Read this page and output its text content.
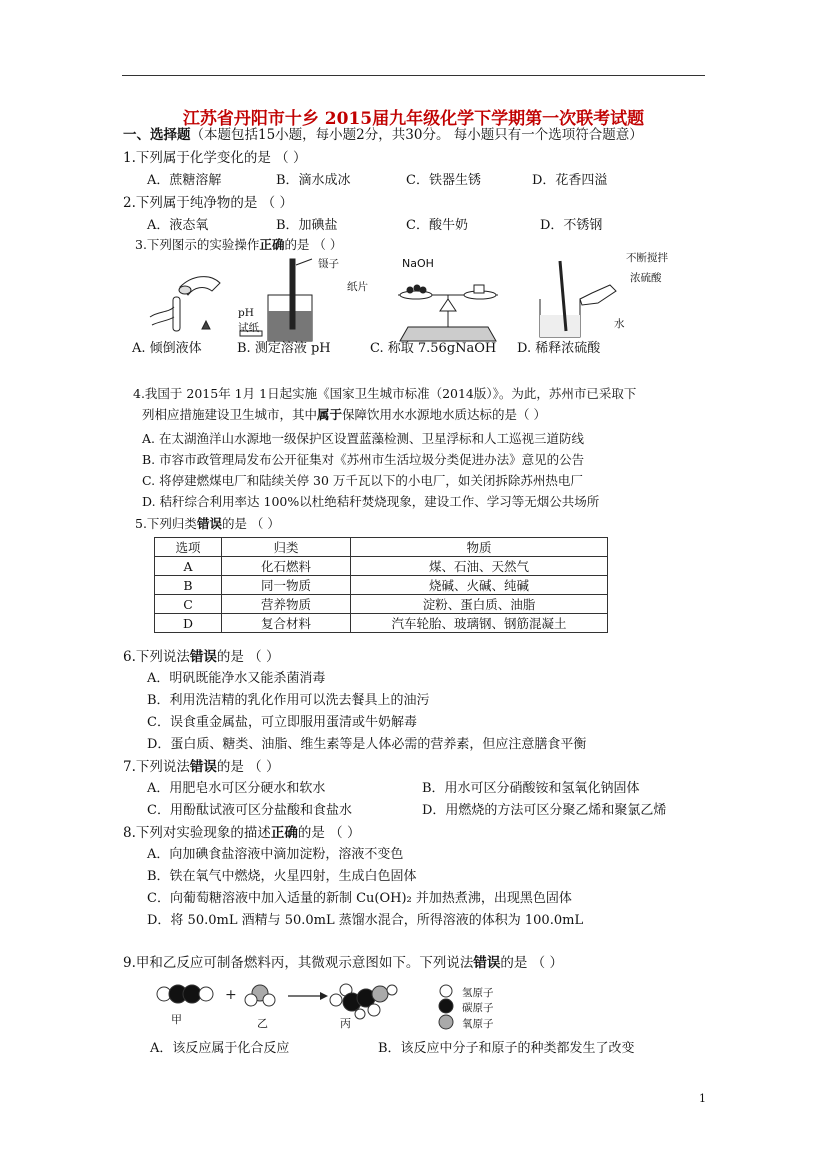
江苏省丹阳市十乡 2015届九年级化学下学期第一次联考试题
一、选择题（本题包括15小题，每小题2分，共30分。 每小题只有一个选项符合题意）
1.下列属于化学变化的是 （ ）
A．蔗糖溶解	B．滴水成冰	C．铁器生锈	D．花香四溢
2.下列属于纯净物的是 （ ）
A．液态氧	B．加碘盐	C．酸牛奶	D．不锈钢
3.下列图示的实验操作正确的是 （ ）
镊子
pH
试纸
NaOH
纸片
不断搅拌
浓硫酸
水
A. 倾倒液体	B. 测定溶液 pH	C. 称取 7.56gNaOH D. 稀释浓硫酸
4.我国于 2015年 1月 1日起实施《国家卫生城市标准（2014版）》。为此，苏州市已采取下
列相应措施建设卫生城市，其中属于保障饮用水水源地水质达标的是（ ）
A. 在太湖渔洋山水源地一级保护区设置蓝藻检测、卫星浮标和人工巡视三道防线
B. 市容市政管理局发布公开征集对《苏州市生活垃圾分类促进办法》意见的公告
C. 将停建燃煤电厂和陆续关停 30 万千瓦以下的小电厂，如关闭拆除苏州热电厂
D. 秸秆综合利用率达 100%以杜绝秸秆焚烧现象，建设工作、学习等无烟公共场所
5.下列归类错误的是 （ ）
选项	归类	物质
A	化石燃料	煤、石油、天然气
B	同一物质	烧碱、火碱、纯碱
C	营养物质	淀粉、蛋白质、油脂
D	复合材料	汽车轮胎、玻璃钢、钢筋混凝土
6.下列说法错误的是 （ ）
A．明矾既能净水又能杀菌消毒
B．利用洗洁精的乳化作用可以洗去餐具上的油污
C．误食重金属盐，可立即服用蛋清或牛奶解毒
D．蛋白质、糖类、油脂、维生素等是人体必需的营养素，但应注意膳食平衡
7.下列说法错误的是 （ ）
A．用肥皂水可区分硬水和软水	B．用水可区分硝酸铵和氢氧化钠固体
C．用酚酞试液可区分盐酸和食盐水	D．用燃烧的方法可区分聚乙烯和聚氯乙烯
8.下列对实验现象的描述正确的是 （ ）
A．向加碘食盐溶液中滴加淀粉，溶液不变色
B．铁在氧气中燃烧，火星四射，生成白色固体
C．向葡萄糖溶液中加入适量的新制 Cu(OH)₂ 并加热煮沸，出现黑色固体
D．将 50.0mL 酒精与 50.0mL 蒸馏水混合，所得溶液的体积为 100.0mL
9.甲和乙反应可制备燃料丙，其微观示意图如下。下列说法错误的是 （ ）
+
甲	乙	丙
氢原子
碳原子
氧原子
A．该反应属于化合反应	B．该反应中分子和原子的种类都发生了改变
1
